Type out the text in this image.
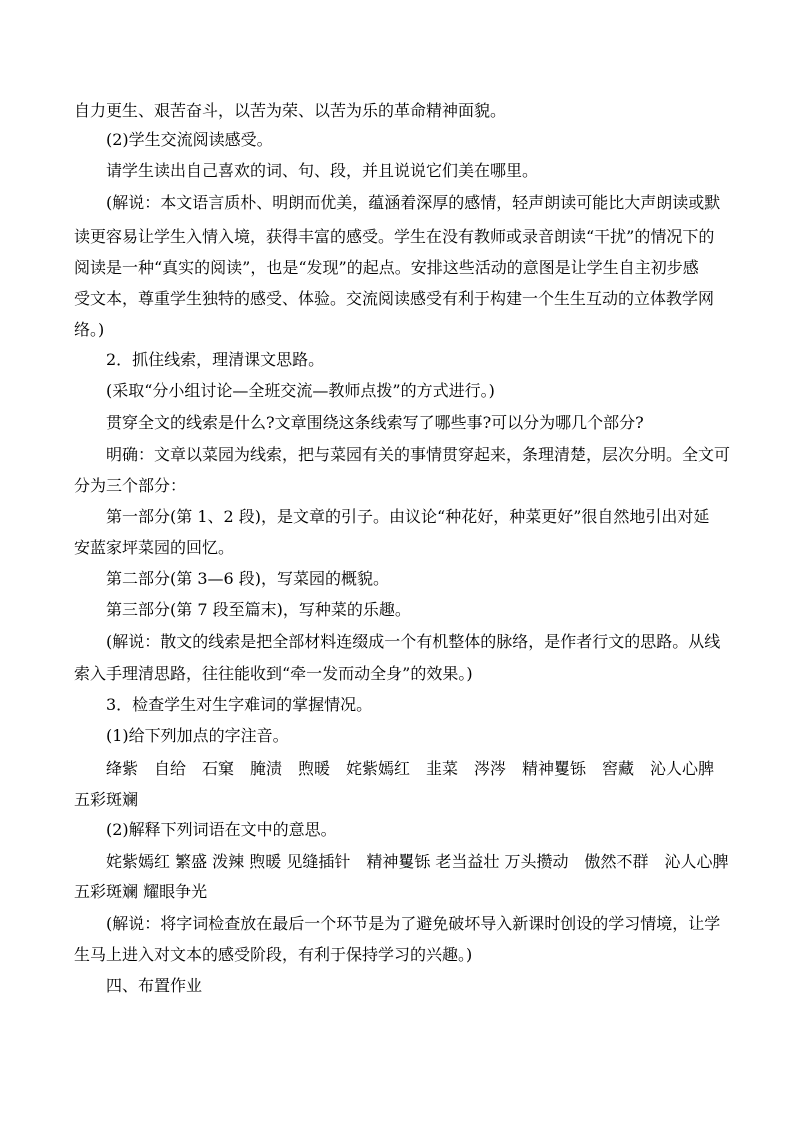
自力更生、艰苦奋斗，以苦为荣、以苦为乐的革命精神面貌。
(2)学生交流阅读感受。
请学生读出自己喜欢的词、句、段，并且说说它们美在哪里。
(解说：本文语言质朴、明朗而优美，蕴涵着深厚的感情，轻声朗读可能比大声朗读或默
读更容易让学生入情入境，获得丰富的感受。学生在没有教师或录音朗读“干扰”的情况下的
阅读是一种“真实的阅读”，也是“发现”的起点。安排这些活动的意图是让学生自主初步感
受文本，尊重学生独特的感受、体验。交流阅读感受有利于构建一个生生互动的立体教学网
络。)
2．抓住线索，理清课文思路。
(采取“分小组讨论—全班交流—教师点拨”的方式进行。)
贯穿全文的线索是什么?文章围绕这条线索写了哪些事?可以分为哪几个部分?
明确：文章以菜园为线索，把与菜园有关的事情贯穿起来，条理清楚，层次分明。全文可
分为三个部分：
第一部分(第 1、2 段)，是文章的引子。由议论“种花好，种菜更好”很自然地引出对延
安蓝家坪菜园的回忆。
第二部分(第 3—6 段)，写菜园的概貌。
第三部分(第 7 段至篇末)，写种菜的乐趣。
(解说：散文的线索是把全部材料连缀成一个有机整体的脉络，是作者行文的思路。从线
索入手理清思路，往往能收到“牵一发而动全身”的效果。)
3．检查学生对生字难词的掌握情况。
(1)给下列加点的字注音。
绛紫　自给　石窠　腌渍　煦暖　姹紫嫣红　韭菜　涔涔　精神矍铄　窖藏　沁人心脾
五彩斑斓
(2)解释下列词语在文中的意思。
姹紫嫣红 繁盛 泼辣 煦暖 见缝插针　精神矍铄 老当益壮 万头攒动　傲然不群　沁人心脾
五彩斑斓 耀眼争光
(解说：将字词检查放在最后一个环节是为了避免破坏导入新课时创设的学习情境，让学
生马上进入对文本的感受阶段，有利于保持学习的兴趣。)
四、布置作业
